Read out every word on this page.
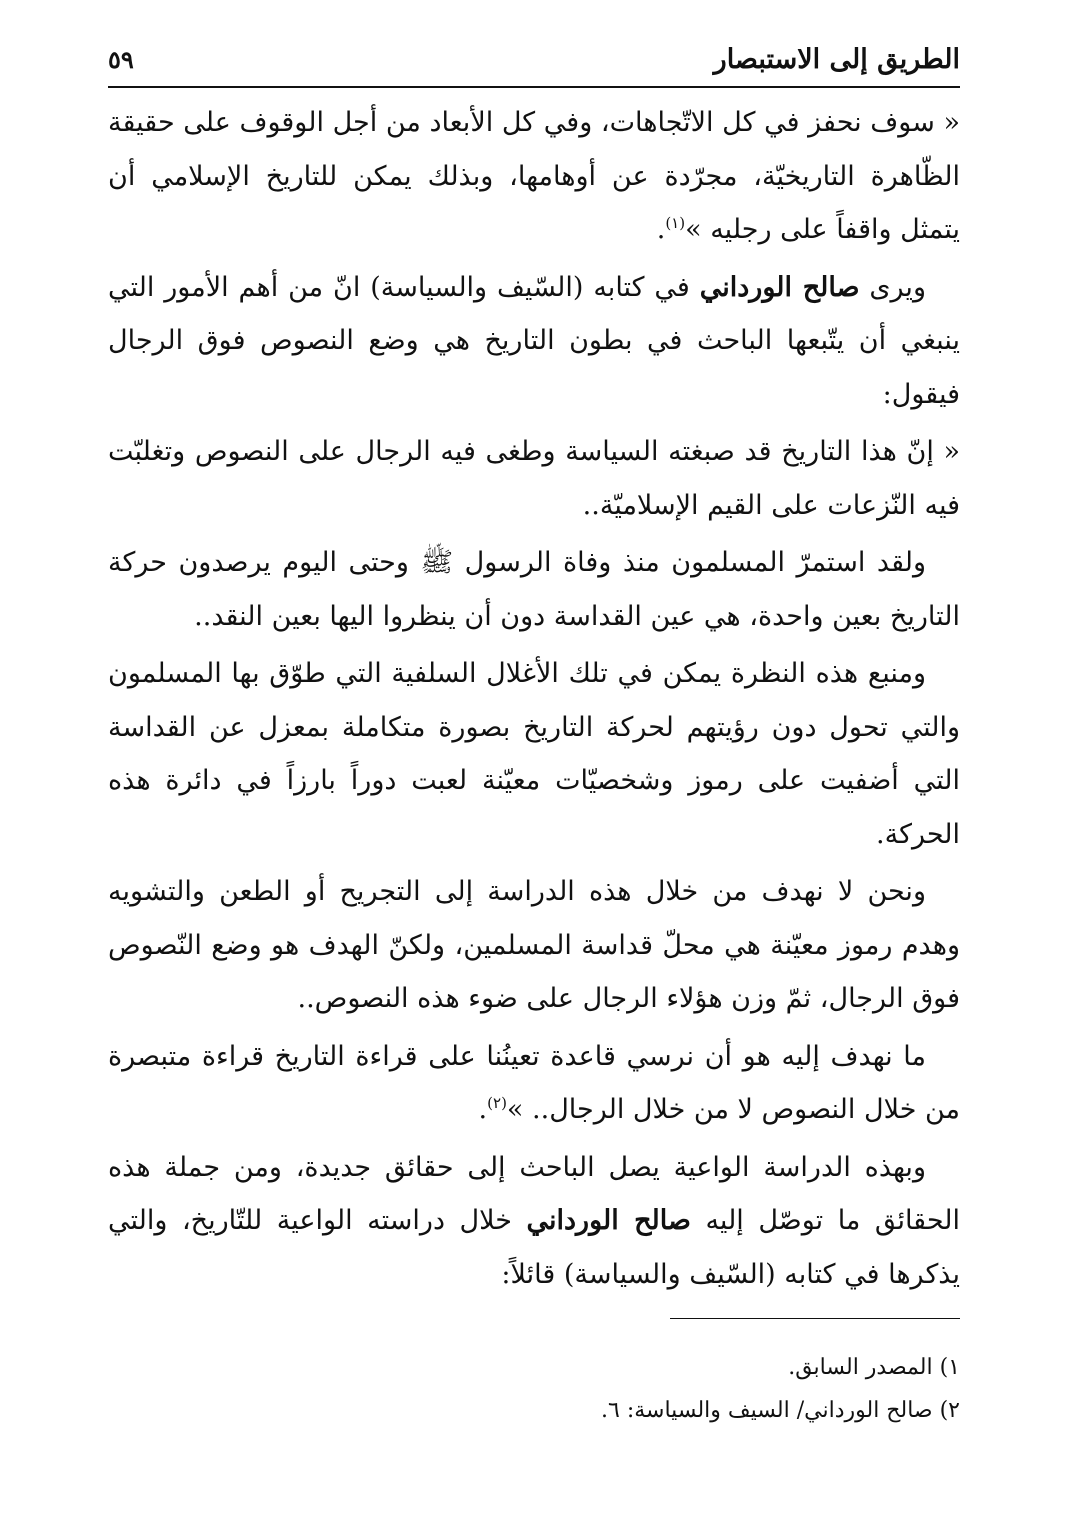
الطريق إلى الاستبصار
٥٩

« سوف نحفز في كل الاتّجاهات، وفي كل الأبعاد من أجل الوقوف على حقيقة الظّاهرة التاريخيّة، مجرّدة عن أوهامها، وبذلك يمكن للتاريخ الإسلامي أن يتمثل واقفاً على رجليه »$^{(١)}$.

ويرى صالح الورداني في كتابه (السّيف والسياسة) انّ من أهم الأمور التي ينبغي أن يتّبعها الباحث في بطون التاريخ هي وضع النصوص فوق الرجال فيقول:

« إنّ هذا التاريخ قد صبغته السياسة وطغى فيه الرجال على النصوص وتغلبّت فيه النّزعات على القيم الإسلاميّة..

ولقد استمرّ المسلمون منذ وفاة الرسول ﷺ وحتى اليوم يرصدون حركة التاريخ بعين واحدة، هي عين القداسة دون أن ينظروا اليها بعين النقد..

ومنبع هذه النظرة يمكن في تلك الأغلال السلفية التي طوّق بها المسلمون والتي تحول دون رؤيتهم لحركة التاريخ بصورة متكاملة بمعزل عن القداسة التي أضفيت على رموز وشخصيّات معيّنة لعبت دوراً بارزاً في دائرة هذه الحركة.

ونحن لا نهدف من خلال هذه الدراسة إلى التجريح أو الطعن والتشويه وهدم رموز معيّنة هي محلّ قداسة المسلمين، ولكنّ الهدف هو وضع النّصوص فوق الرجال، ثمّ وزن هؤلاء الرجال على ضوء هذه النصوص..

ما نهدف إليه هو أن نرسي قاعدة تعينُنا على قراءة التاريخ قراءة متبصرة من خلال النصوص لا من خلال الرجال.. »$^{(٢)}$.

وبهذه الدراسة الواعية يصل الباحث إلى حقائق جديدة، ومن جملة هذه الحقائق ما توصّل إليه صالح الورداني خلال دراسته الواعية للتّاريخ، والتي يذكرها في كتابه (السّيف والسياسة) قائلاً:

١) المصدر السابق.
٢) صالح الورداني/ السيف والسياسة: ٦.
